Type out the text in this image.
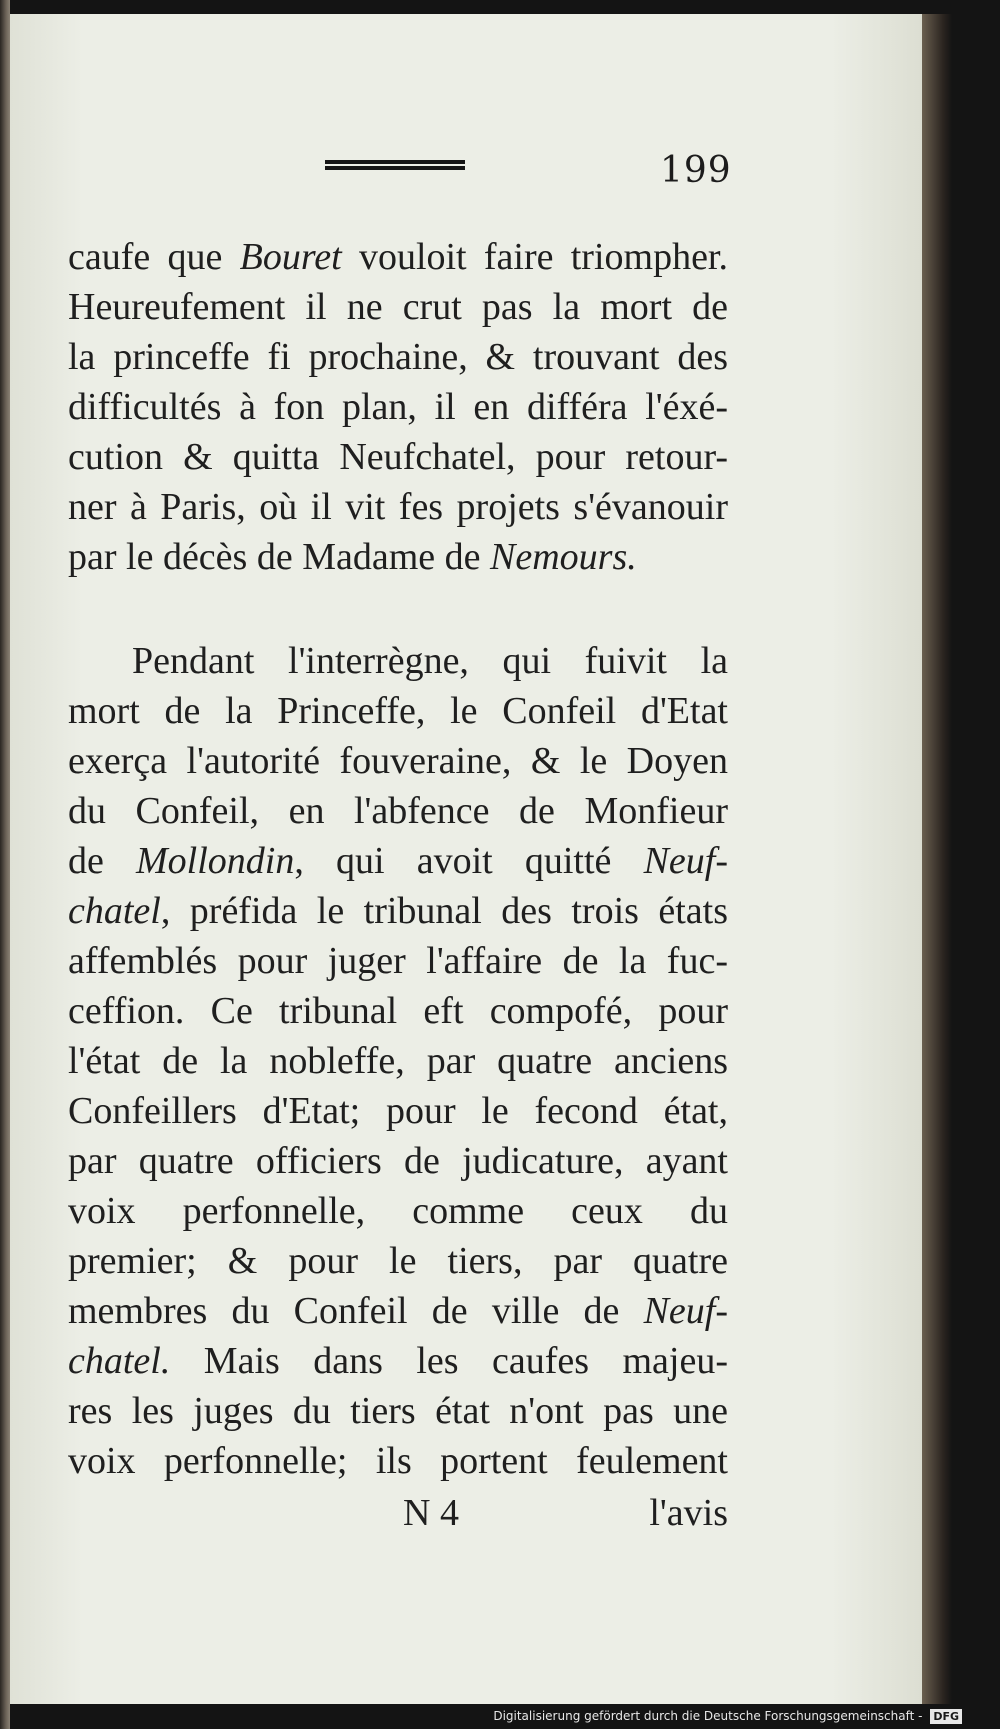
199
caufe que Bouret vouloit faire triompher.
Heureufement il ne crut pas la mort de
la princeffe fi prochaine, & trouvant des
difficultés à fon plan, il en différa l'éxé-
cution & quitta Neufchatel, pour retour-
ner à Paris, où il vit fes projets s'évanouir
par le décès de Madame de Nemours.
Pendant l'interrègne, qui fuivit la
mort de la Princeffe, le Confeil d'Etat
exerça l'autorité fouveraine, & le Doyen
du Confeil, en l'abfence de Monfieur
de Mollondin, qui avoit quitté Neuf-
chatel, préfida le tribunal des trois états
affemblés pour juger l'affaire de la fuc-
ceffion. Ce tribunal eft compofé, pour
l'état de la nobleffe, par quatre anciens
Confeillers d'Etat; pour le fecond état,
par quatre officiers de judicature, ayant
voix perfonnelle, comme ceux du
premier; & pour le tiers, par quatre
membres du Confeil de ville de Neuf-
chatel. Mais dans les caufes majeu-
res les juges du tiers état n'ont pas une
voix perfonnelle; ils portent feulement
N 4	l'avis
Digitalisierung gefördert durch die Deutsche Forschungsgemeinschaft - DFG
